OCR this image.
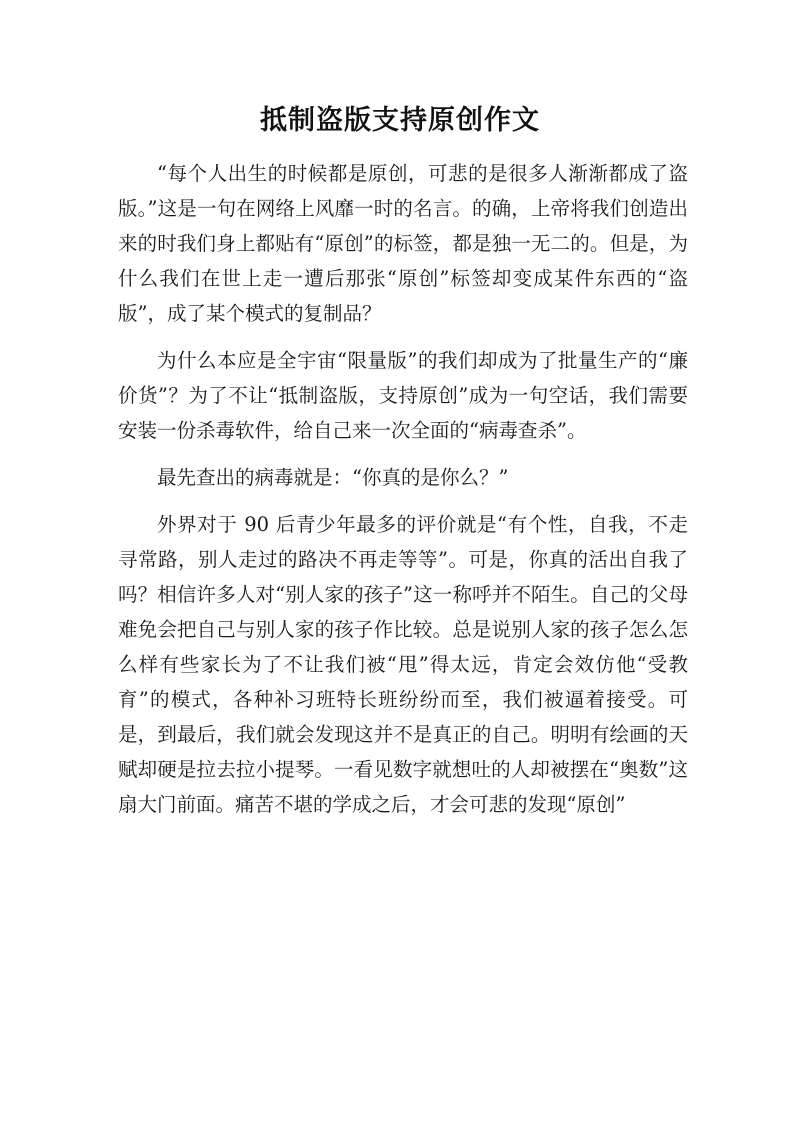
抵制盗版支持原创作文

“每个人出生的时候都是原创，可悲的是很多人渐渐都成了盗版。”这是一句在网络上风靡一时的名言。的确，上帝将我们创造出来的时我们身上都贴有“原创”的标签，都是独一无二的。但是，为什么我们在世上走一遭后那张“原创”标签却变成某件东西的“盗版”，成了某个模式的复制品？

为什么本应是全宇宙“限量版”的我们却成为了批量生产的“廉价货”？为了不让“抵制盗版，支持原创”成为一句空话，我们需要安装一份杀毒软件，给自己来一次全面的“病毒查杀”。

最先查出的病毒就是：“你真的是你么？”

外界对于 90 后青少年最多的评价就是“有个性，自我，不走寻常路，别人走过的路决不再走等等”。可是，你真的活出自我了吗？相信许多人对“别人家的孩子”这一称呼并不陌生。自己的父母难免会把自己与别人家的孩子作比较。总是说别人家的孩子怎么怎么样有些家长为了不让我们被“甩”得太远，肯定会效仿他“受教育”的模式，各种补习班特长班纷纷而至，我们被逼着接受。可是，到最后，我们就会发现这并不是真正的自己。明明有绘画的天赋却硬是拉去拉小提琴。一看见数字就想吐的人却被摆在“奥数”这扇大门前面。痛苦不堪的学成之后，才会可悲的发现“原创”
